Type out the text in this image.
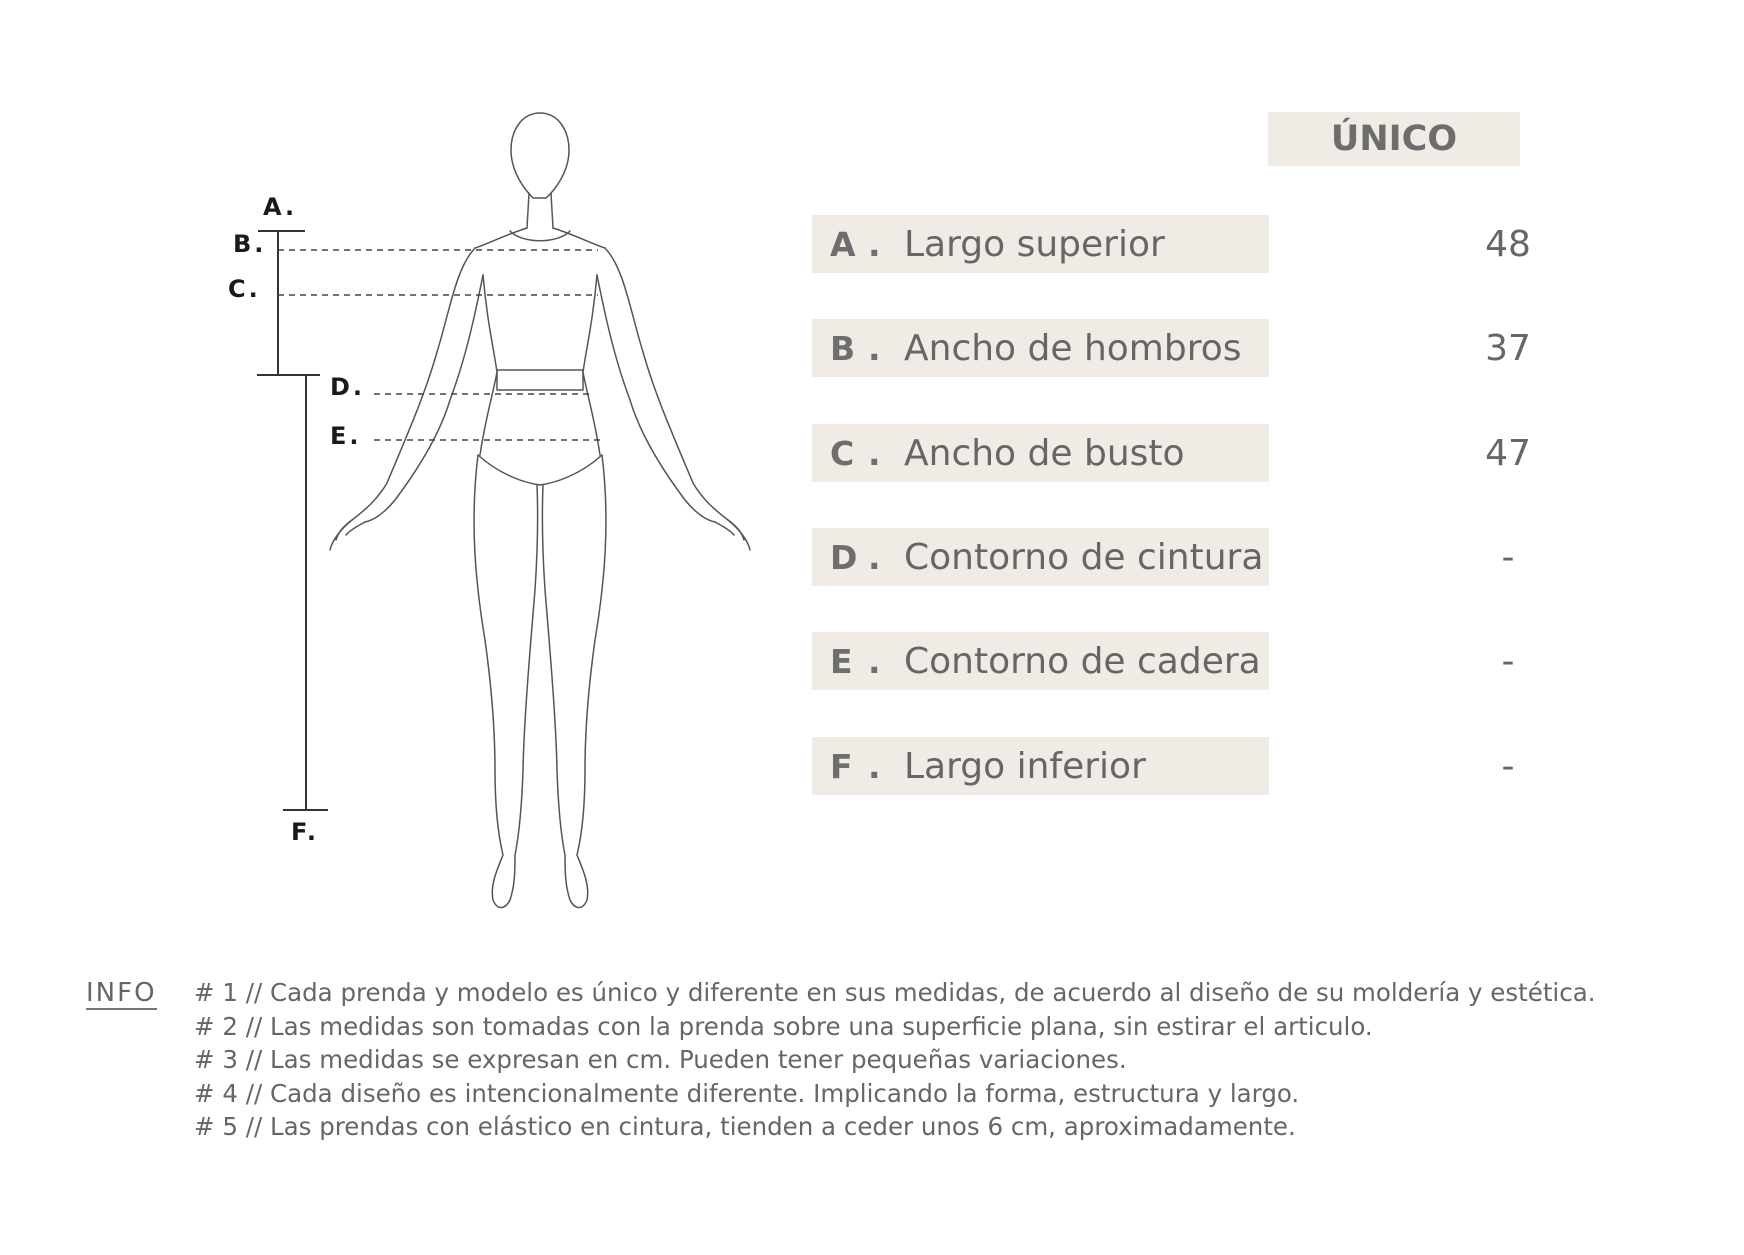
A.
B.
C.
D.
E.
F.
ÚNICO
A . Largo superior	48
B . Ancho de hombros	37
C . Ancho de busto	47
D . Contorno de cintura	-
E . Contorno de cadera	-
F . Largo inferior	-
INFO # 1 // Cada prenda y modelo es único y diferente en sus medidas, de acuerdo al diseño de su moldería y estética.
# 2 // Las medidas son tomadas con la prenda sobre una superficie plana, sin estirar el articulo.
# 3 // Las medidas se expresan en cm. Pueden tener pequeñas variaciones.
# 4 // Cada diseño es intencionalmente diferente. Implicando la forma, estructura y largo.
# 5 // Las prendas con elástico en cintura, tienden a ceder unos 6 cm, aproximadamente.
